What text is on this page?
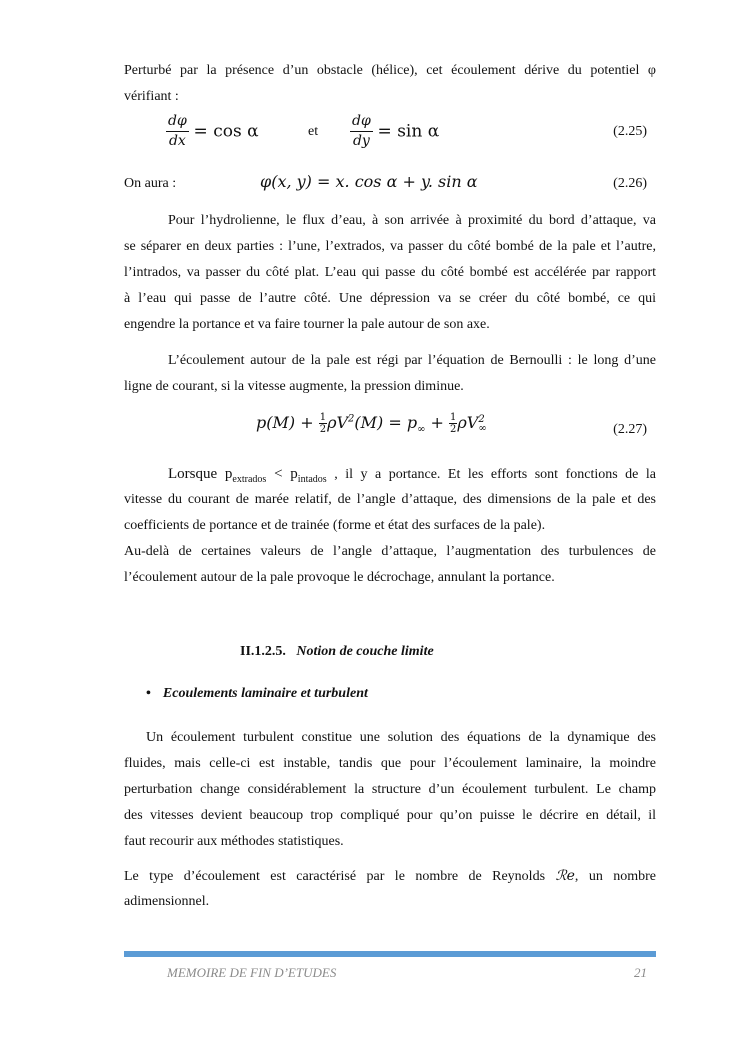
Perturbé par la présence d’un obstacle (hélice), cet écoulement dérive du potentiel φ
vérifiant :
$\frac{d\varphi}{dx} = \cos \alpha$	et $\frac{d\varphi}{dy} = \sin \alpha$	(2.25)
On aura :	φ(x, y) = x. cos α + y. sin α	(2.26)
Pour l’hydrolienne, le flux d’eau, à son arrivée à proximité du bord d’attaque, va
se séparer en deux parties : l’une, l’extrados, va passer du côté bombé de la pale et l’autre,
l’intrados, va passer du côté plat. L’eau qui passe du côté bombé est accélérée par rapport
à l’eau qui passe de l’autre côté. Une dépression va se créer du côté bombé, ce qui
engendre la portance et va faire tourner la pale autour de son axe.
L’écoulement autour de la pale est régi par l’équation de Bernoulli : le long d’une
ligne de courant, si la vitesse augmente, la pression diminue.
$p(M) + \frac{1}{2} \rho V^2(M) = p_\infty + \frac{1}{2}$ ρV 2
∞	(2.27)
Lorsque $p_{extrados} < p_{intados}$ , il y a portance. Et les efforts sont fonctions de la
vitesse du courant de marée relatif, de l’angle d’attaque, des dimensions de la pale et des
coefficients de portance et de trainée (forme et état des surfaces de la pale).
Au-delà de certaines valeurs de l’angle d’attaque, l’augmentation des turbulences de
l’écoulement autour de la pale provoque le décrochage, annulant la portance.
II.1.2.5. Notion de couche limite
• Ecoulements laminaire et turbulent
Un écoulement turbulent constitue une solution des équations de la dynamique des
fluides, mais celle-ci est instable, tandis que pour l’écoulement laminaire, la moindre
perturbation change considérablement la structure d’un écoulement turbulent. Le champ
des vitesses devient beaucoup trop compliqué pour qu’on puisse le décrire en détail, il
faut recourir aux méthodes statistiques.
Le type d’écoulement est caractérisé par le nombre de Reynolds ℛe, un nombre
adimensionnel.
MEMOIRE DE FIN D’ETUDES	21
